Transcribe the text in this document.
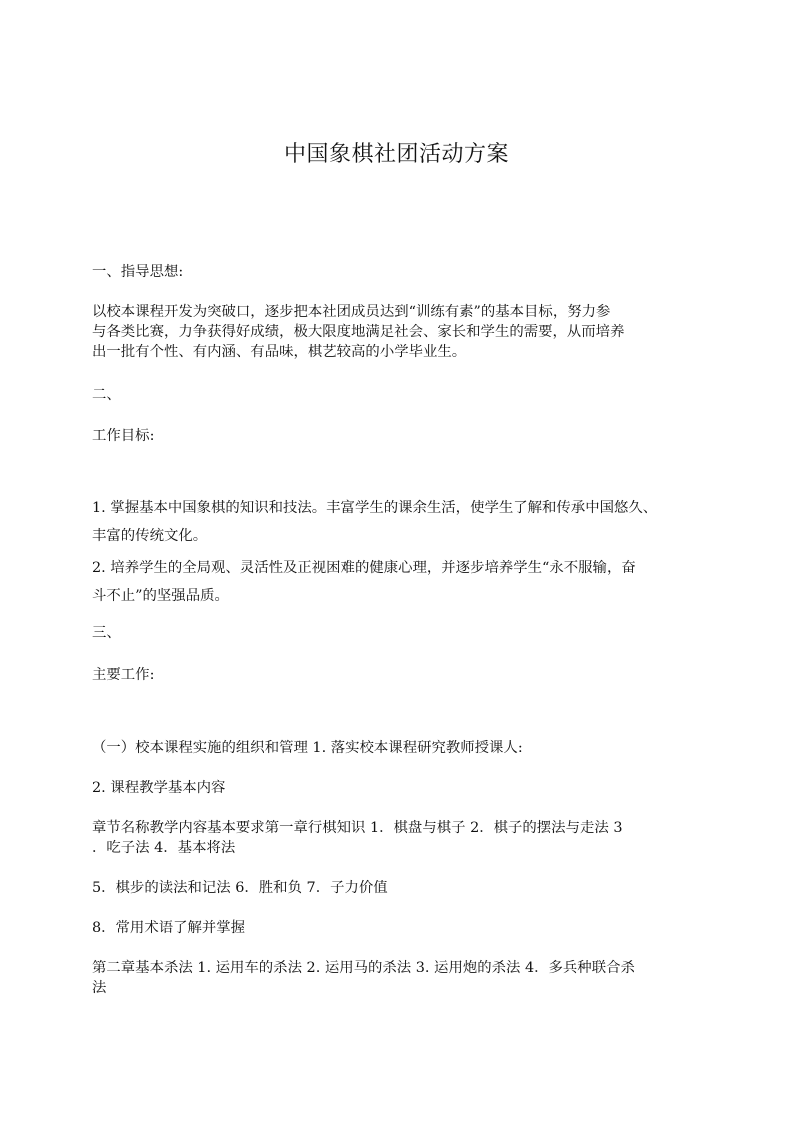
中国象棋社团活动方案
一、指导思想:
以校本课程开发为突破口，逐步把本社团成员达到“训练有素”的基本目标，努力参
与各类比赛，力争获得好成绩，极大限度地满足社会、家长和学生的需要，从而培养
出一批有个性、有内涵、有品味，棋艺较高的小学毕业生。
二、
工作目标:
1. 掌握基本中国象棋的知识和技法。丰富学生的课余生活，使学生了解和传承中国悠久、
丰富的传统文化。
2. 培养学生的全局观、灵活性及正视困难的健康心理，并逐步培养学生“永不服输，奋
斗不止”的坚强品质。
三、
主要工作:
（一）校本课程实施的组织和管理 1. 落实校本课程研究教师授课人:
2. 课程教学基本内容
章节名称教学内容基本要求第一章行棋知识 1．棋盘与棋子 2．棋子的摆法与走法 3
．吃子法 4．基本将法
5．棋步的读法和记法 6．胜和负 7．子力价值
8．常用术语了解并掌握
第二章基本杀法 1. 运用车的杀法 2. 运用马的杀法 3. 运用炮的杀法 4．多兵种联合杀
法
